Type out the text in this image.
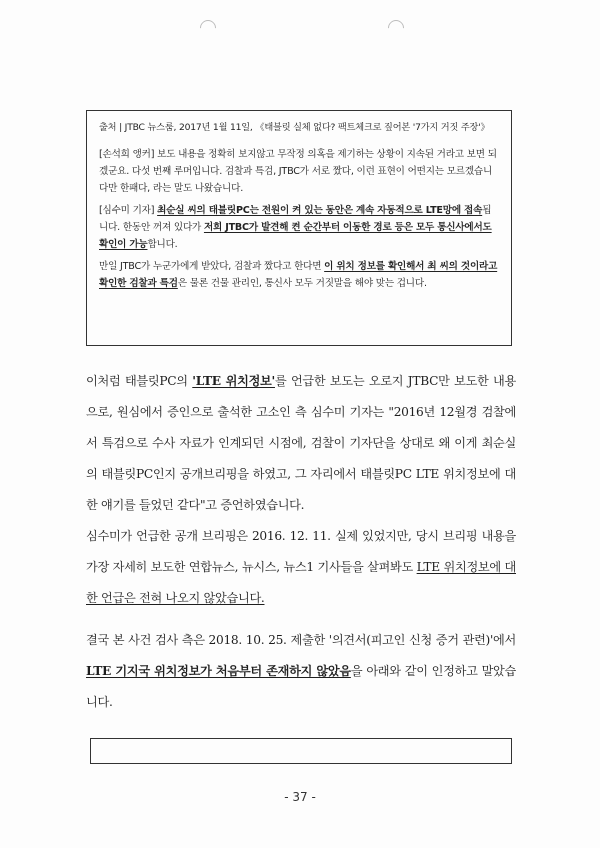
출처 | JTBC 뉴스룸, 2017년 1월 11일, 《태블릿 실체 없다? 팩트체크로 짚어본 '7가지 거짓 주장'》

[손석희 앵커] 보도 내용을 정확히 보지않고 무작정 의혹을 제기하는 상황이 지속된 거라고 보면 되겠군요. 다섯 번째 루머입니다. 검찰과 특검, JTBC가 서로 짰다, 이런 표현이 어떤지는 모르겠습니다만 한패다, 라는 말도 나왔습니다.

[심수미 기자] 최순실 씨의 태블릿PC는 전원이 켜 있는 동안은 계속 자동적으로 LTE망에 접속됩니다. 한동안 꺼져 있다가 저희 JTBC가 발견해 켠 순간부터 이동한 경로 등은 모두 통신사에서도 확인이 가능합니다.

만일 JTBC가 누군가에게 받았다, 검찰과 짰다고 한다면 이 위치 정보를 확인해서 최 씨의 것이라고 확인한 검찰과 특검은 물론 건물 관리인, 통신사 모두 거짓말을 해야 맞는 겁니다.

이처럼 태블릿PC의 'LTE 위치정보'를 언급한 보도는 오로지 JTBC만 보도한 내용으로, 원심에서 증인으로 출석한 고소인 측 심수미 기자는 "2016년 12월경 검찰에서 특검으로 수사 자료가 인계되던 시점에, 검찰이 기자단을 상대로 왜 이게 최순실의 태블릿PC인지 공개브리핑을 하였고, 그 자리에서 태블릿PC LTE 위치정보에 대한 얘기를 들었던 같다"고 증언하였습니다.
심수미가 언급한 공개 브리핑은 2016. 12. 11. 실제 있었지만, 당시 브리핑 내용을 가장 자세히 보도한 연합뉴스, 뉴시스, 뉴스1 기사들을 살펴봐도 LTE 위치정보에 대한 언급은 전혀 나오지 않았습니다.
결국 본 사건 검사 측은 2018. 10. 25. 제출한 '의견서(피고인 신청 증거 관련)'에서 LTE 기지국 위치정보가 처음부터 존재하지 않았음을 아래와 같이 인정하고 말았습니다.
- 37 -
